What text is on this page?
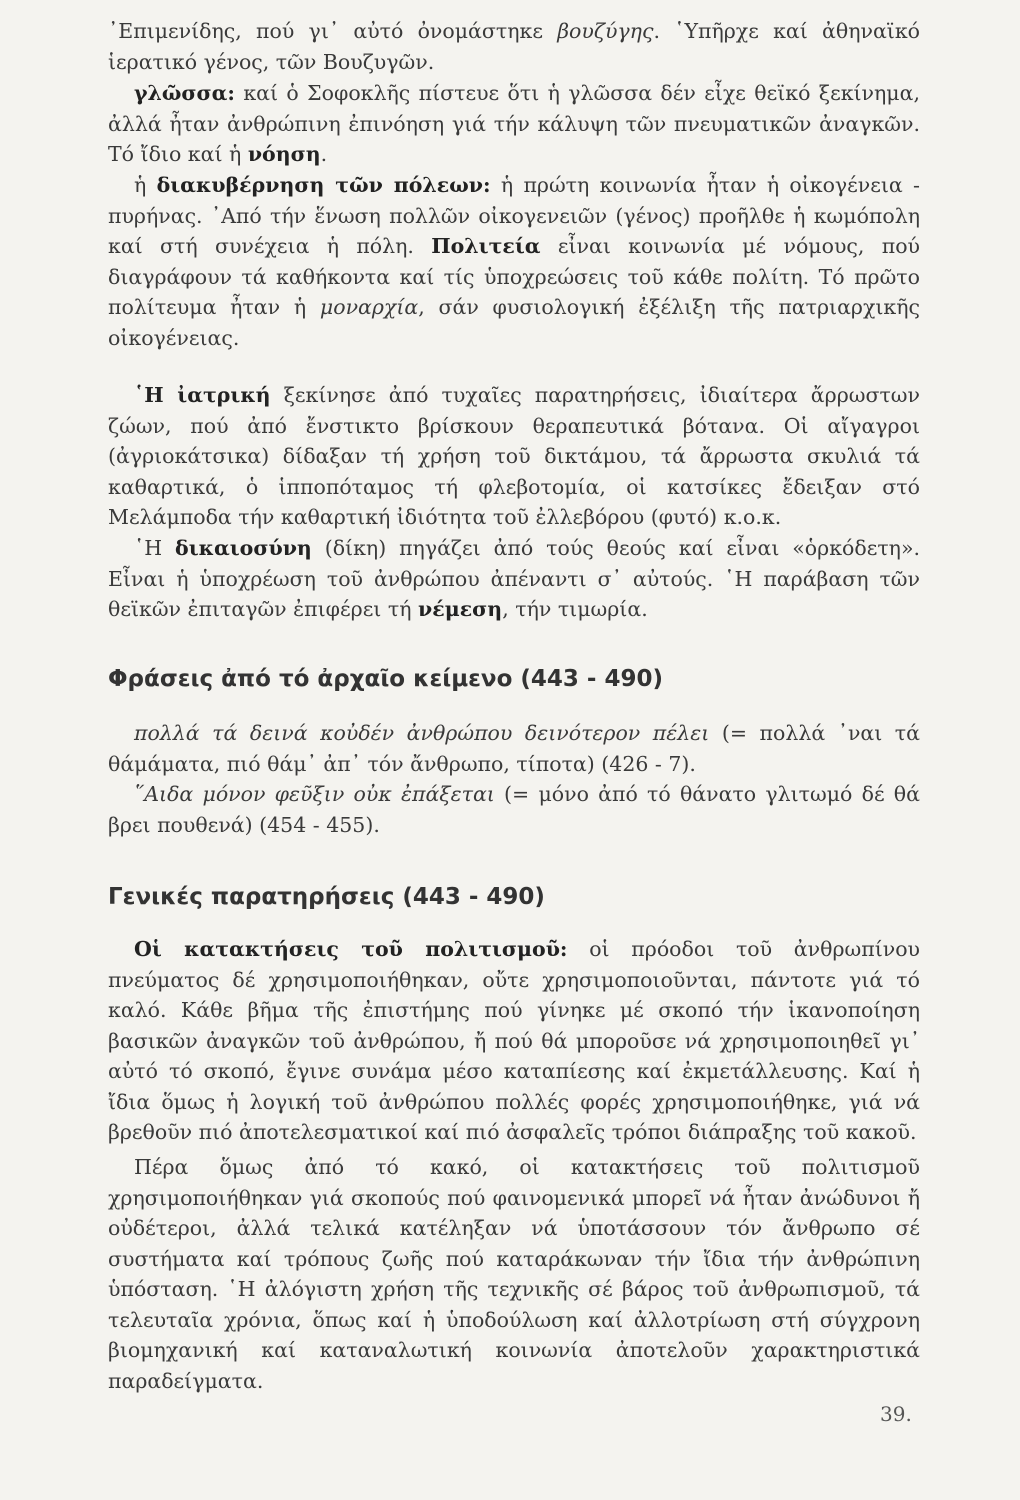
᾿Επιμενίδης, πού γι᾿ αὐτό ὀνομάστηκε βουζύγης. ῾Υπῆρχε καί ἀθηναϊκό ἱερατικό γένος, τῶν Βουζυγῶν.

γλῶσσα: καί ὁ Σοφοκλῆς πίστευε ὅτι ἡ γλῶσσα δέν εἶχε θεϊκό ξεκίνημα, ἀλλά ἦταν ἀνθρώπινη ἐπινόηση γιά τήν κάλυψη τῶν πνευματικῶν ἀναγκῶν. Τό ἴδιο καί ἡ νόηση.

ἡ διακυβέρνηση τῶν πόλεων: ἡ πρώτη κοινωνία ἦταν ἡ οἰκογένεια - πυρήνας. ᾿Από τήν ἕνωση πολλῶν οἰκογενειῶν (γένος) προῆλθε ἡ κωμόπολη καί στή συνέχεια ἡ πόλη. Πολιτεία εἶναι κοινωνία μέ νόμους, πού διαγράφουν τά καθήκοντα καί τίς ὑποχρεώσεις τοῦ κάθε πολίτη. Τό πρῶτο πολίτευμα ἦταν ἡ μοναρχία, σάν φυσιολογική ἐξέλιξη τῆς πατριαρχικῆς οἰκογένειας.

῾Η ἰατρική ξεκίνησε ἀπό τυχαῖες παρατηρήσεις, ἰδιαίτερα ἄρρωστων ζώων, πού ἀπό ἔνστικτο βρίσκουν θεραπευτικά βότανα. Οἱ αἴγαγροι (ἀγριοκάτσικα) δίδαξαν τή χρήση τοῦ δικτάμου, τά ἄρρωστα σκυλιά τά καθαρτικά, ὁ ἱπποπόταμος τή φλεβοτομία, οἱ κατσίκες ἔδειξαν στό Μελάμποδα τήν καθαρτική ἰδιότητα τοῦ ἐλλεβόρου (φυτό) κ.ο.κ.

῾Η δικαιοσύνη (δίκη) πηγάζει ἀπό τούς θεούς καί εἶναι «ὁρκόδετη». Εἶναι ἡ ὑποχρέωση τοῦ ἀνθρώπου ἀπέναντι σ᾿ αὐτούς. ῾Η παράβαση τῶν θεϊκῶν ἐπιταγῶν ἐπιφέρει τή νέμεση, τήν τιμωρία.

Φράσεις ἀπό τό ἀρχαῖο κείμενο (443 - 490)

πολλά τά δεινά κοὐδέν ἀνθρώπου δεινότερον πέλει (= πολλά ᾿ναι τά θάμάματα, πιό θάμ᾿ ἀπ᾿ τόν ἄνθρωπο, τίποτα) (426 - 7).

῞Αιδα μόνον φεῦξιν οὐκ ἐπάξεται (= μόνο ἀπό τό θάνατο γλιτωμό δέ θά βρει πουθενά) (454 - 455).

Γενικές παρατηρήσεις (443 - 490)

Οἱ κατακτήσεις τοῦ πολιτισμοῦ: οἱ πρόοδοι τοῦ ἀνθρωπίνου πνεύματος δέ χρησιμοποιήθηκαν, οὔτε χρησιμοποιοῦνται, πάντοτε γιά τό καλό. Κάθε βῆμα τῆς ἐπιστήμης πού γίνηκε μέ σκοπό τήν ἱκανοποίηση βασικῶν ἀναγκῶν τοῦ ἀνθρώπου, ἤ πού θά μποροῦσε νά χρησιμοποιηθεῖ γι᾿ αὐτό τό σκοπό, ἔγινε συνάμα μέσο καταπίεσης καί ἐκμετάλλευσης. Καί ἡ ἴδια ὅμως ἡ λογική τοῦ ἀνθρώπου πολλές φορές χρησιμοποιήθηκε, γιά νά βρεθοῦν πιό ἀποτελεσματικοί καί πιό ἀσφαλεῖς τρόποι διάπραξης τοῦ κακοῦ.

Πέρα ὅμως ἀπό τό κακό, οἱ κατακτήσεις τοῦ πολιτισμοῦ χρησιμοποιήθηκαν γιά σκοπούς πού φαινομενικά μπορεῖ νά ἦταν ἀνώδυνοι ἤ οὐδέτεροι, ἀλλά τελικά κατέληξαν νά ὑποτάσσουν τόν ἄνθρωπο σέ συστήματα καί τρόπους ζωῆς πού καταράκωναν τήν ἴδια τήν ἀνθρώπινη ὑπόσταση. ῾Η ἀλόγιστη χρήση τῆς τεχνικῆς σέ βάρος τοῦ ἀνθρωπισμοῦ, τά τελευταῖα χρόνια, ὅπως καί ἡ ὑποδούλωση καί ἀλλοτρίωση στή σύγχρονη βιομηχανική καί καταναλωτική κοινωνία ἀποτελοῦν χαρακτηριστικά παραδείγματα.

39.
